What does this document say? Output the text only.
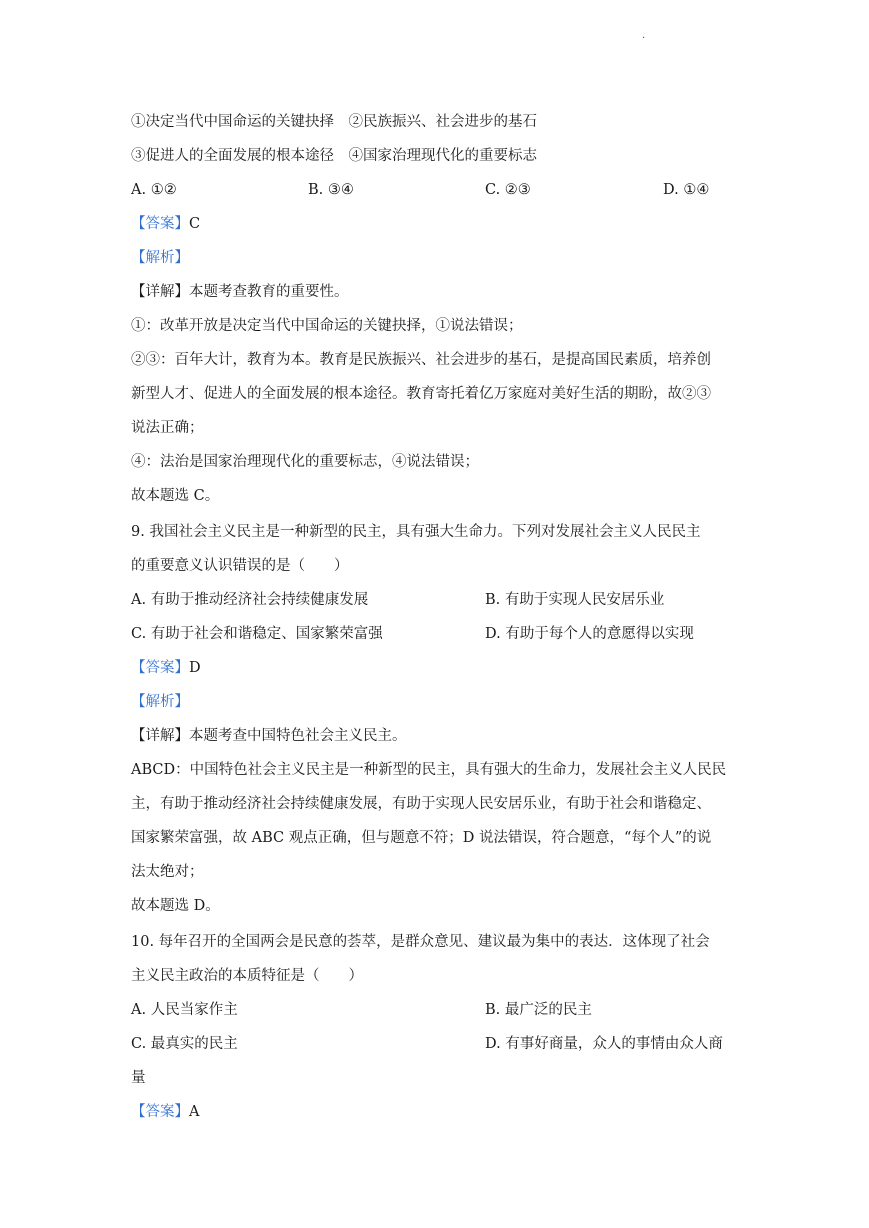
.
①决定当代中国命运的关键抉择　②民族振兴、社会进步的基石
③促进人的全面发展的根本途径　④国家治理现代化的重要标志
A. ①②	B. ③④	C. ②③	D. ①④
【答案】C
【解析】
【详解】本题考查教育的重要性。
①：改革开放是决定当代中国命运的关键抉择，①说法错误；
②③：百年大计，教育为本。教育是民族振兴、社会进步的基石，是提高国民素质，培养创
新型人才、促进人的全面发展的根本途径。教育寄托着亿万家庭对美好生活的期盼，故②③
说法正确；
④：法治是国家治理现代化的重要标志，④说法错误；
故本题选 C。
9. 我国社会主义民主是一种新型的民主，具有强大生命力。下列对发展社会主义人民民主
的重要意义认识错误的是（　　）
A. 有助于推动经济社会持续健康发展	B. 有助于实现人民安居乐业
C. 有助于社会和谐稳定、国家繁荣富强	D. 有助于每个人的意愿得以实现
【答案】D
【解析】
【详解】本题考查中国特色社会主义民主。
ABCD：中国特色社会主义民主是一种新型的民主，具有强大的生命力，发展社会主义人民民
主，有助于推动经济社会持续健康发展，有助于实现人民安居乐业，有助于社会和谐稳定、
国家繁荣富强，故 ABC 观点正确，但与题意不符；D 说法错误，符合题意，“每个人”的说
法太绝对；
故本题选 D。
10. 每年召开的全国两会是民意的荟萃，是群众意见、建议最为集中的表达．这体现了社会
主义民主政治的本质特征是（　　）
A. 人民当家作主	B. 最广泛的民主
C. 最真实的民主	D. 有事好商量，众人的事情由众人商
量
【答案】A
